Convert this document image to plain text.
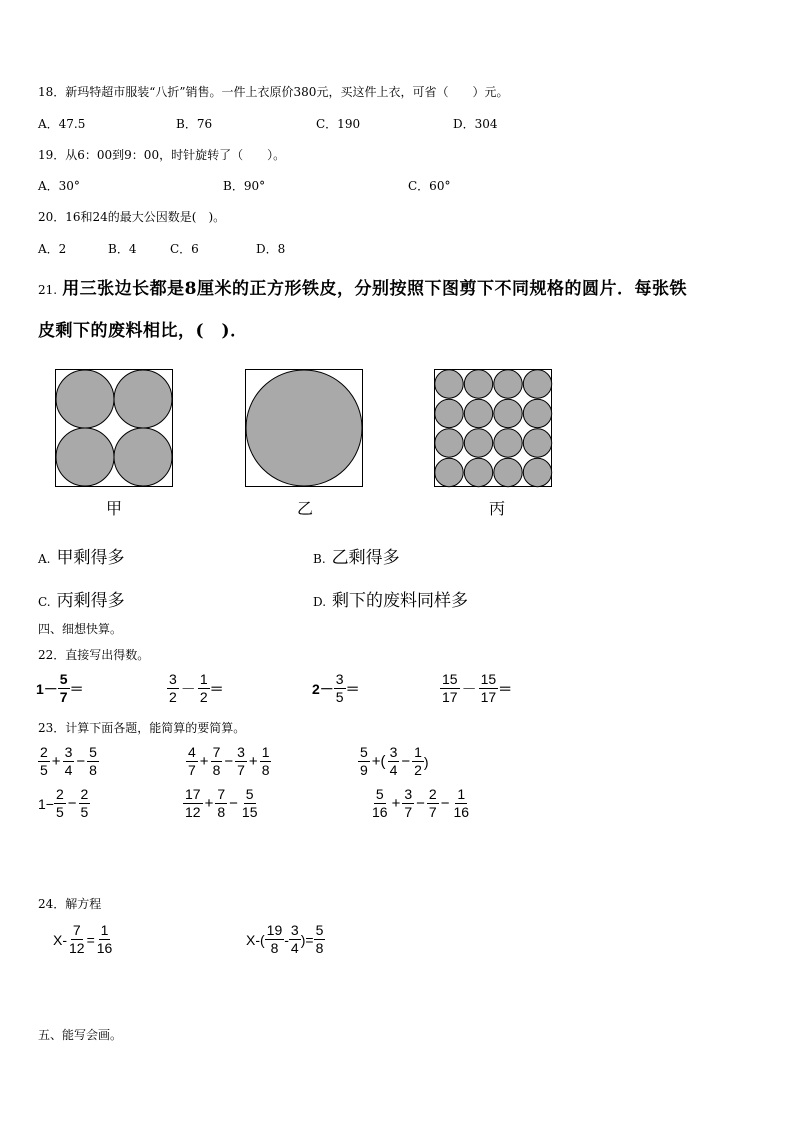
18．新玛特超市服装“八折”销售。一件上衣原价380元，买这件上衣，可省（　　）元。
A．47.5	B．76	C．190	D．304
19．从6：00到9：00，时针旋转了（　　）。
A．30°	B．90°	C．60°
20．16和24的最大公因数是(　)。
A．2	B．4	C．6	D．8
21. 用三张边长都是8厘米的正方形铁皮，分别按照下图剪下不同规格的圆片．每张铁
皮剩下的废料相比，(　)．
甲	乙	丙
A. 甲剩得多	B. 乙剩得多
C. 丙剩得多	D. 剩下的废料同样多
四、细想快算。
22．直接写出得数。
$1- \frac{5}{7}$ ＝	$\frac{3}{2} - \frac{1}{2}$ ＝	$2- \frac{3}{5}$ ＝	$\frac{15}{17} - \frac{15}{17}$ ＝
23．计算下面各题，能简算的要简算。
$\frac{2}{5} + \frac{3}{4} - \frac{5}{8}$	$\frac{4}{7} + \frac{7}{8} - \frac{3}{7} + \frac{1}{8}$	$\frac{5}{9}$ +( $\frac{3}{4} - \frac{1}{2}$ )
$1- \frac{2}{5} - \frac{2}{5}$	$\frac{17}{12} + \frac{7}{8} - \frac{5}{15}$	$\frac{5}{16} + \frac{3}{7} - \frac{2}{7} - \frac{1}{16}$
24．解方程
$X- \frac{7}{12} = \frac{1}{16}$	$X-( \frac{19}{8} - \frac{3}{4}$ )= $\frac{5}{8}$
五、能写会画。
